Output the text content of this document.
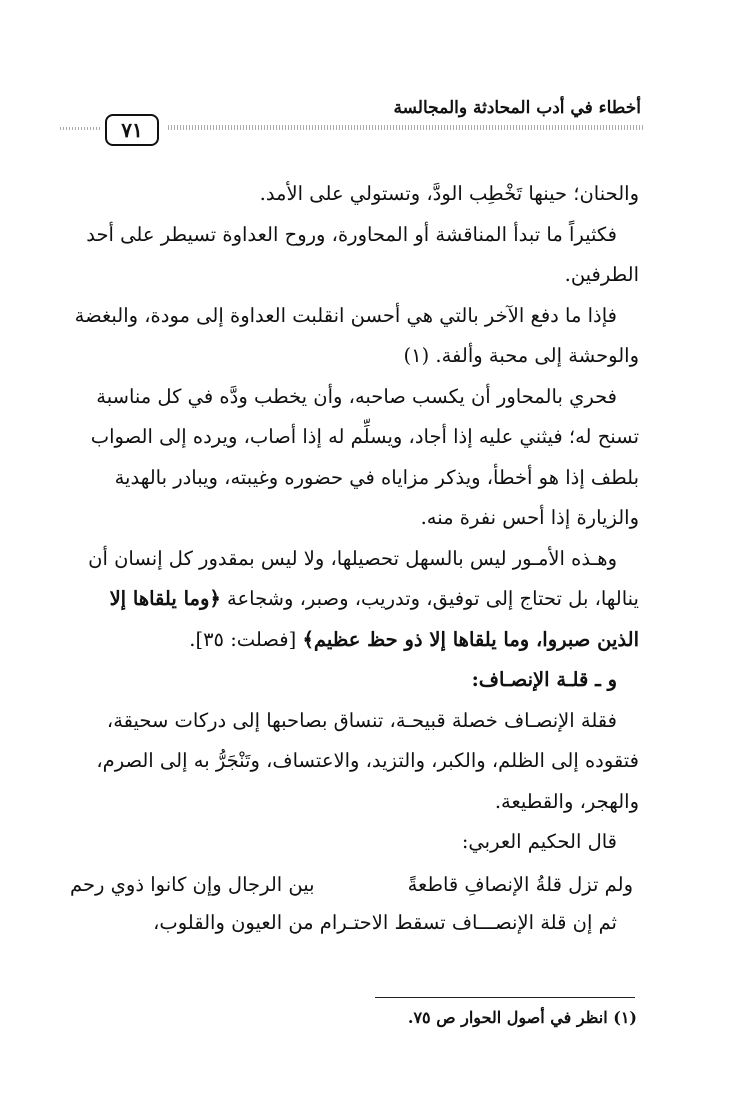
أخطاء في أدب المحادثة والمجالسة
٧١

والحنان؛ حينها تَخْطِب الودَّ، وتستولي على الأمد.

فكثيراً ما تبدأ المناقشة أو المحاورة، وروح العداوة تسيطر على أحد الطرفين.

فإذا ما دفع الآخر بالتي هي أحسن انقلبت العداوة إلى مودة، والبغضة والوحشة إلى محبة وألفة. (١)

فحري بالمحاور أن يكسب صاحبه، وأن يخطب ودَّه في كل مناسبة تسنح له؛ فيثني عليه إذا أجاد، ويسلِّم له إذا أصاب، ويرده إلى الصواب بلطف إذا هو أخطأ، ويذكر مزاياه في حضوره وغيبته، ويبادر بالهدية والزيارة إذا أحس نفرة منه.

وهـذه الأمـور ليس بالسهل تحصيلها، ولا ليس بمقدور كل إنسان أن ينالها، بل تحتاج إلى توفيق، وتدريب، وصبر، وشجاعة ﴿وما يلقاها إلا الذين صبروا، وما يلقاها إلا ذو حظ عظيم﴾ [فصلت: ٣٥].

و ـ قلـة الإنصـاف:

فقلة الإنصـاف خصلة قبيحـة، تنساق بصاحبها إلى دركات سحيقة، فتقوده إلى الظلم، والكبر، والتزيد، والاعتساف، وتَنْجَرُّ به إلى الصرم، والهجر، والقطيعة.

قال الحكيم العربي:

ولم تزل قلةُ الإنصافِ قاطعةً
بين الرجال وإن كانوا ذوي رحم

ثم إن قلة الإنصـــاف تسقط الاحتـرام من العيون والقلوب،

(١) انظر في أصول الحوار ص ٧٥.
